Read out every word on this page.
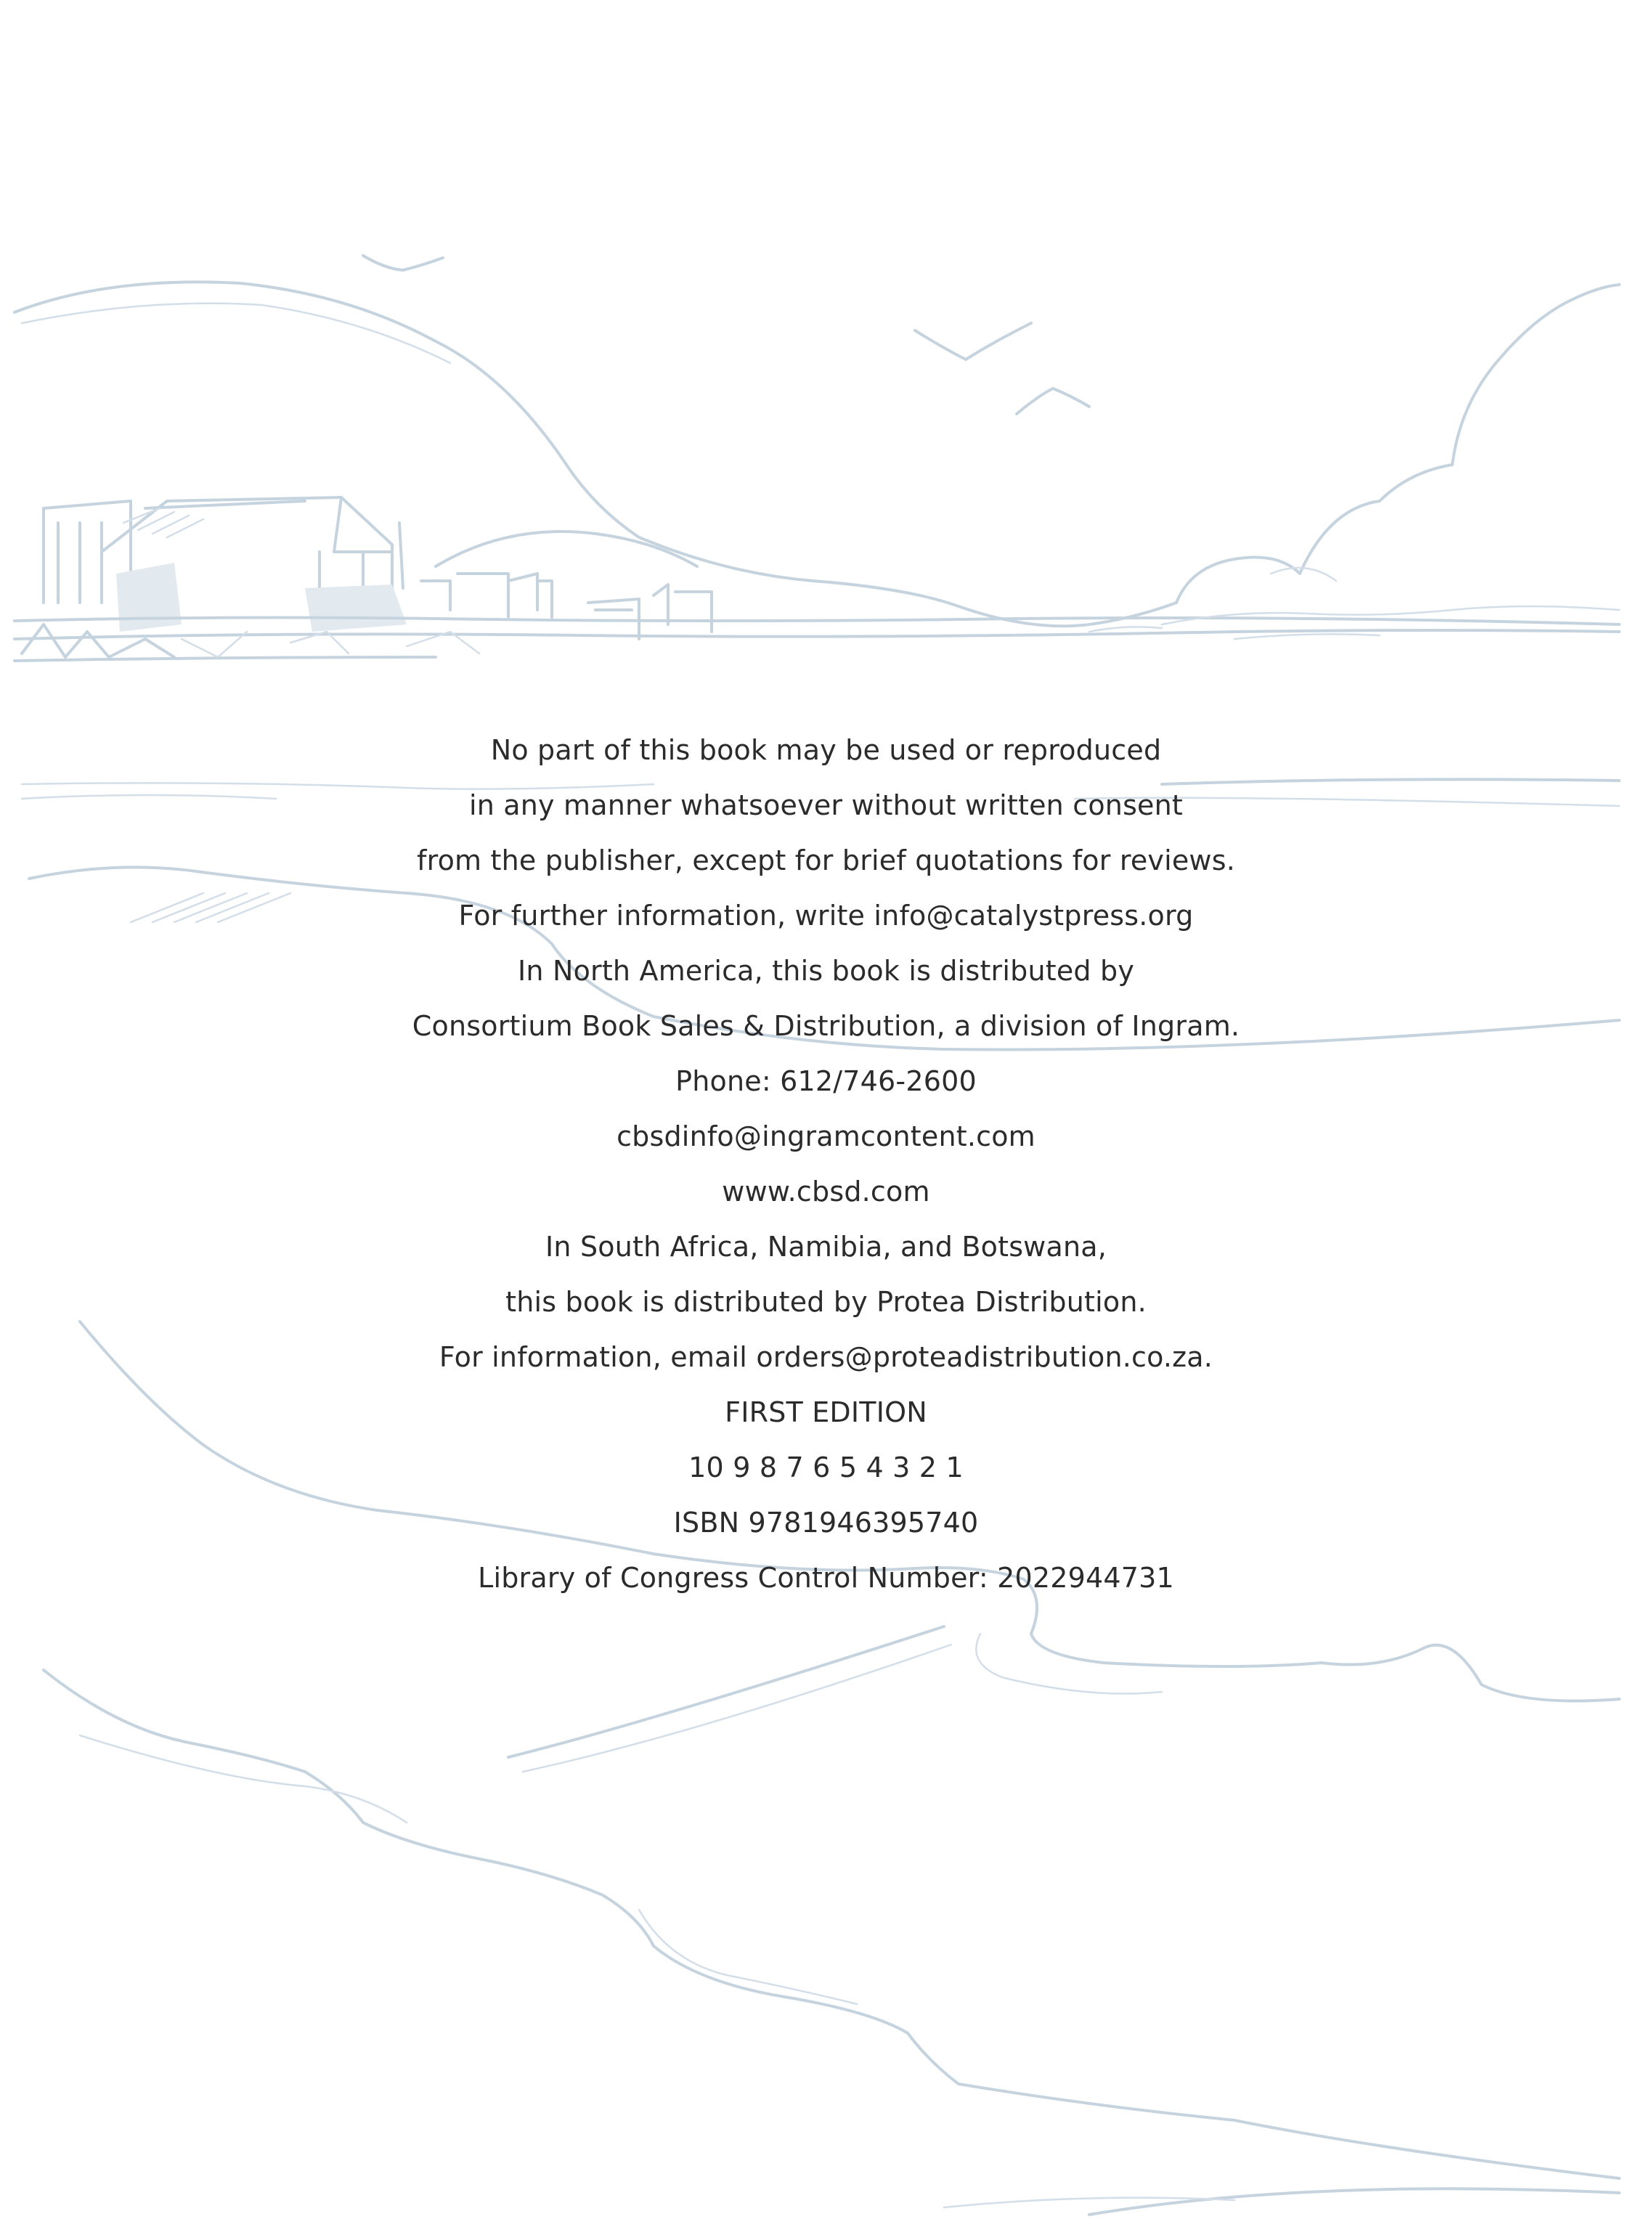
No part of this book may be used or reproduced
in any manner whatsoever without written consent
from the publisher, except for brief quotations for reviews.
For further information, write info@catalystpress.org
In North America, this book is distributed by
Consortium Book Sales & Distribution, a division of Ingram.
Phone: 612/746-2600
cbsdinfo@ingramcontent.com
www.cbsd.com
In South Africa, Namibia, and Botswana,
this book is distributed by Protea Distribution.
For information, email orders@proteadistribution.co.za.
FIRST EDITION
10 9 8 7 6 5 4 3 2 1
ISBN 9781946395740
Library of Congress Control Number: 2022944731
